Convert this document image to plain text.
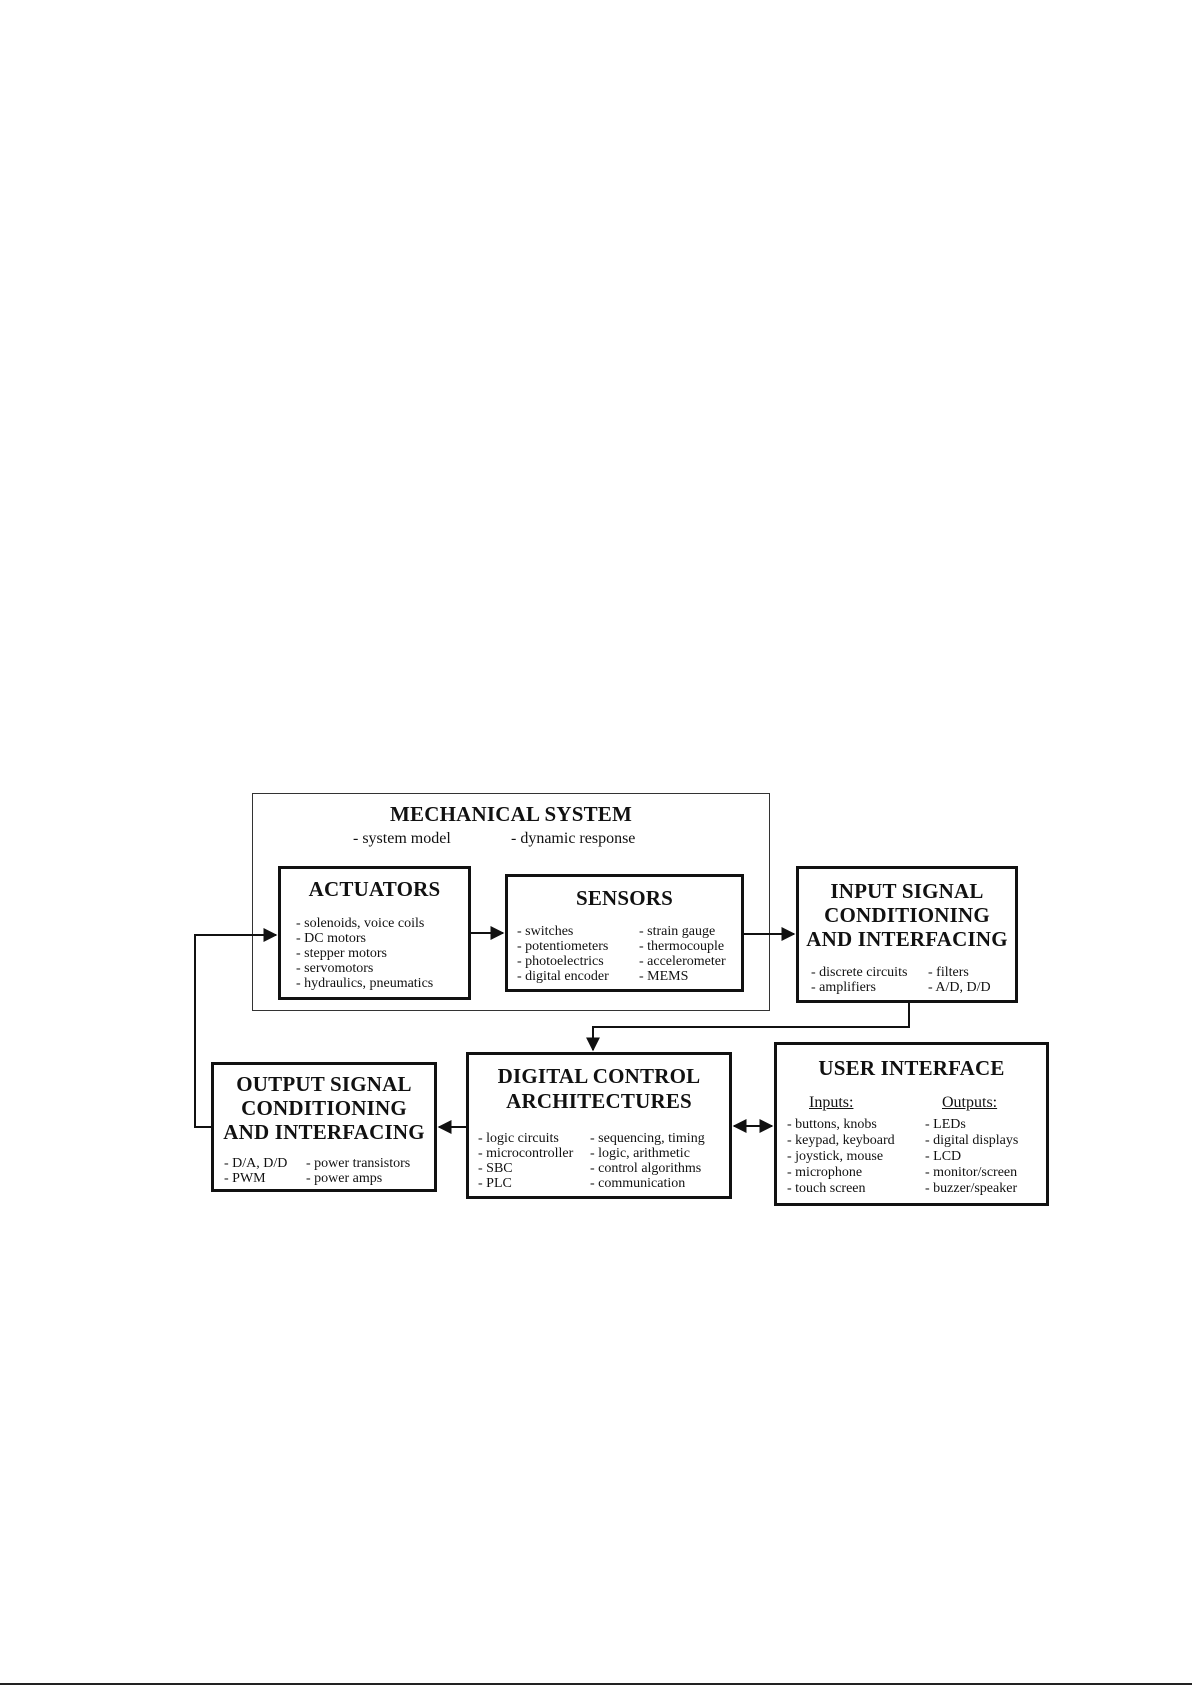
MECHANICAL SYSTEM
- system model	- dynamic response
ACTUATORS
- solenoids, voice coils
- DC motors
- stepper motors
- servomotors
- hydraulics, pneumatics
SENSORS
- switches
- potentiometers
- photoelectrics
- digital encoder
- strain gauge
- thermocouple
- accelerometer
- MEMS
INPUT SIGNAL
CONDITIONING
AND INTERFACING
- discrete circuits
- amplifiers
- filters
- A/D, D/D
OUTPUT SIGNAL
CONDITIONING
AND INTERFACING
- D/A, D/D
- PWM
- power transistors
- power amps
DIGITAL CONTROL
ARCHITECTURES
- logic circuits
- microcontroller
- SBC
- PLC
- sequencing, timing
- logic, arithmetic
- control algorithms
- communication
USER INTERFACE
Inputs:	Outputs:
- buttons, knobs
- keypad, keyboard
- joystick, mouse
- microphone
- touch screen
- LEDs
- digital displays
- LCD
- monitor/screen
- buzzer/speaker
